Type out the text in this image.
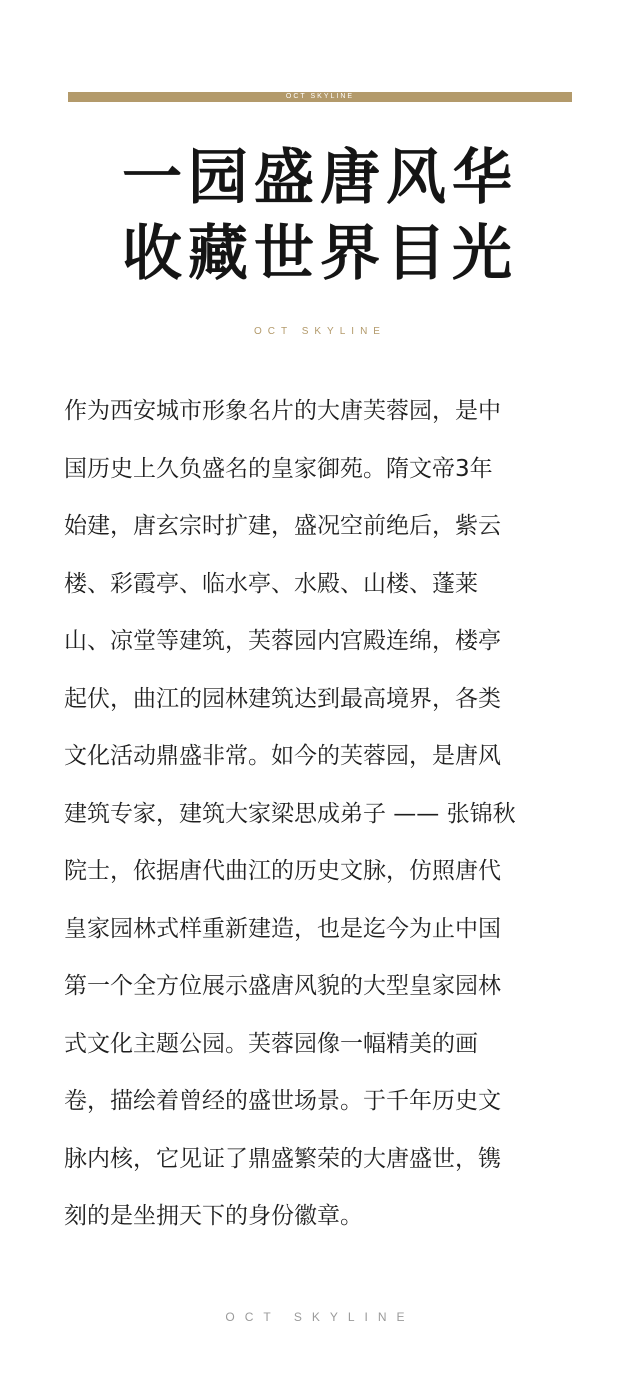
OCT SKYLINE
一园盛唐风华
收藏世界目光
OCT SKYLINE
作为西安城市形象名片的大唐芙蓉园，是中
国历史上久负盛名的皇家御苑。隋文帝3年
始建，唐玄宗时扩建，盛况空前绝后，紫云
楼、彩霞亭、临水亭、水殿、山楼、蓬莱
山、凉堂等建筑，芙蓉园内宫殿连绵，楼亭
起伏，曲江的园林建筑达到最高境界，各类
文化活动鼎盛非常。如今的芙蓉园，是唐风
建筑专家，建筑大家梁思成弟子 —— 张锦秋
院士，依据唐代曲江的历史文脉，仿照唐代
皇家园林式样重新建造，也是迄今为止中国
第一个全方位展示盛唐风貌的大型皇家园林
式文化主题公园。芙蓉园像一幅精美的画
卷，描绘着曾经的盛世场景。于千年历史文
脉内核，它见证了鼎盛繁荣的大唐盛世，镌
刻的是坐拥天下的身份徽章。
OCT SKYLINE
